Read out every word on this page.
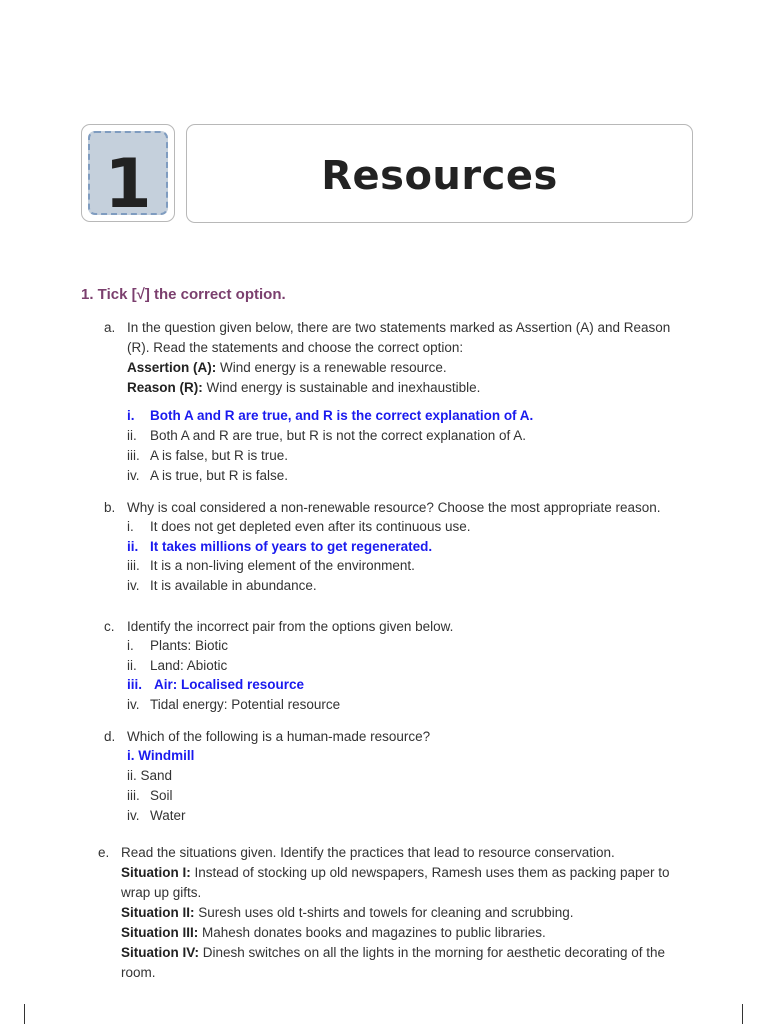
1	Resources
1. Tick [√] the correct option.
a. In the question given below, there are two statements marked as Assertion (A) and Reason
(R). Read the statements and choose the correct option:
Assertion (A): Wind energy is a renewable resource.
Reason (R): Wind energy is sustainable and inexhaustible.
i. Both A and R are true, and R is the correct explanation of A.
ii. Both A and R are true, but R is not the correct explanation of A.
iii. A is false, but R is true.
iv. A is true, but R is false.
b. Why is coal considered a non-renewable resource? Choose the most appropriate reason.
i. It does not get depleted even after its continuous use.
ii. It takes millions of years to get regenerated.
iii. It is a non-living element of the environment.
iv. It is available in abundance.
c. Identify the incorrect pair from the options given below.
i. Plants: Biotic
ii. Land: Abiotic
iii. Air: Localised resource
iv. Tidal energy: Potential resource
d. Which of the following is a human-made resource?
i. Windmill
ii. Sand
iii. Soil
iv. Water
e. Read the situations given. Identify the practices that lead to resource conservation.
Situation I: Instead of stocking up old newspapers, Ramesh uses them as packing paper to
wrap up gifts.
Situation II: Suresh uses old t-shirts and towels for cleaning and scrubbing.
Situation III: Mahesh donates books and magazines to public libraries.
Situation IV: Dinesh switches on all the lights in the morning for aesthetic decorating of the
room.
